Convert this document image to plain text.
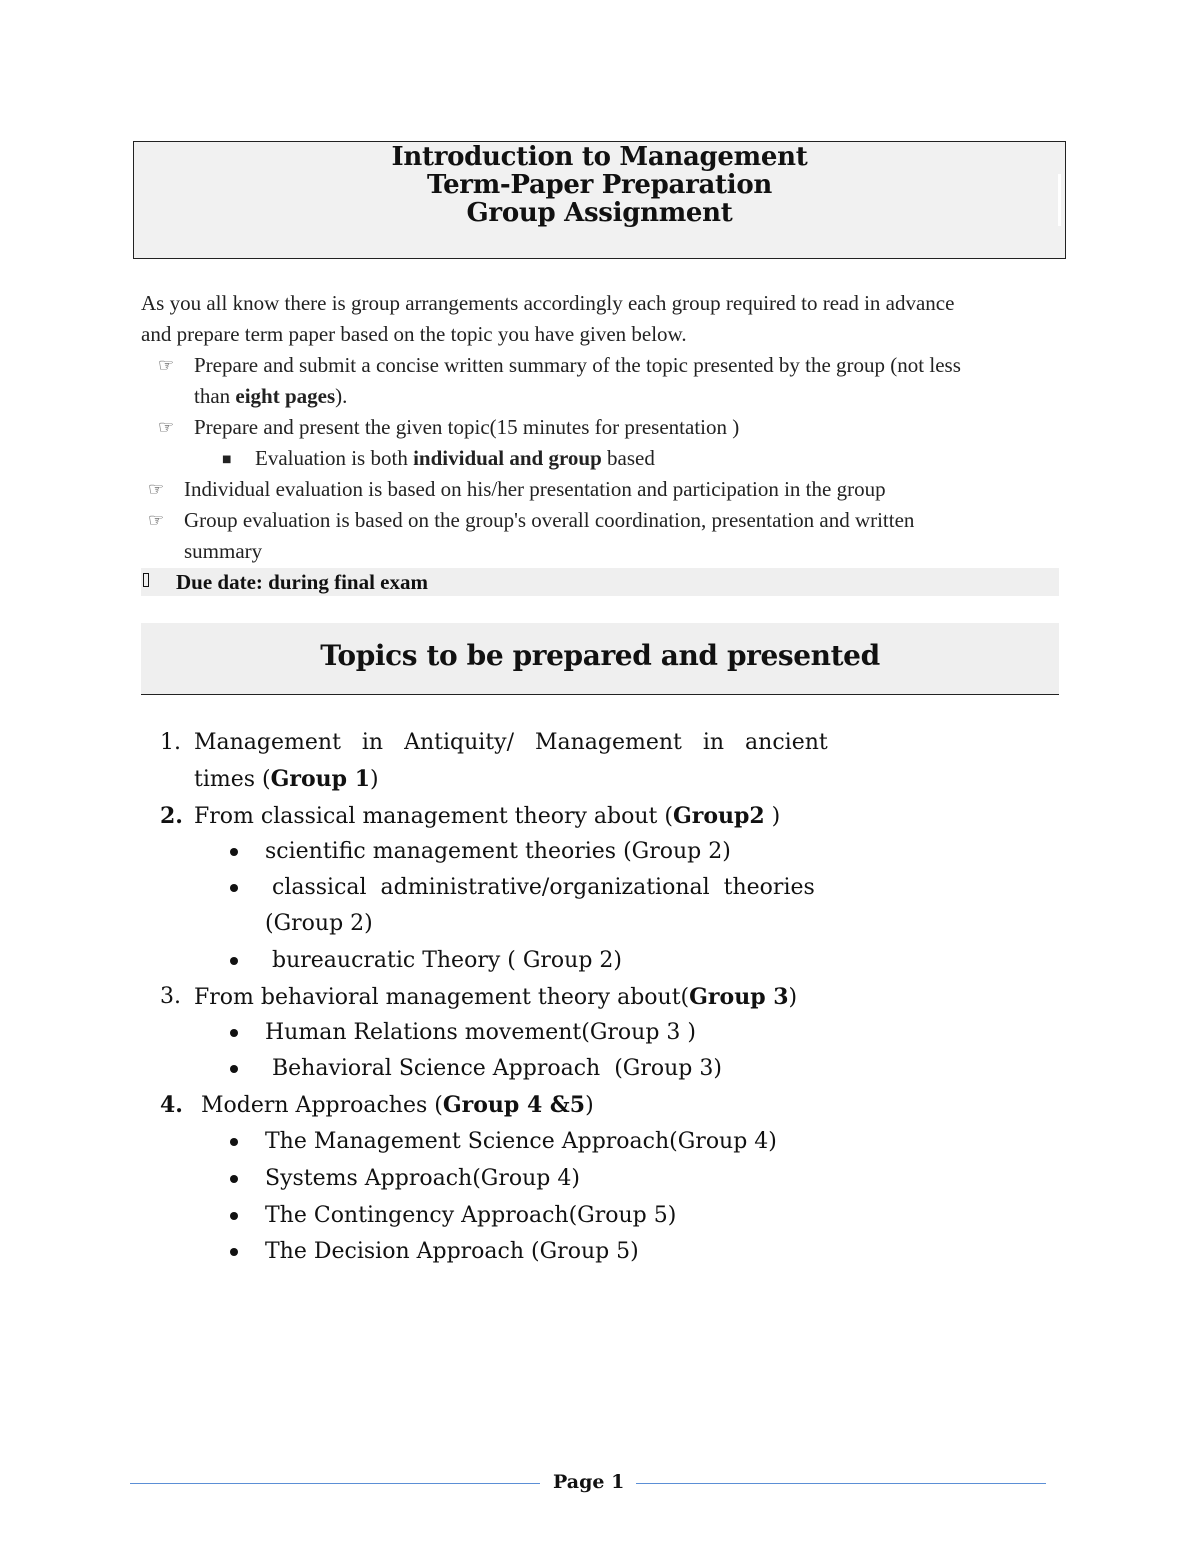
Introduction to Management
Term-Paper Preparation
Group Assignment
As you all know there is group arrangements accordingly each group required to read in advance
and prepare term paper based on the topic you have given below.
☞ Prepare and submit a concise written summary of the topic presented by the group (not less
than eight pages).
☞ Prepare and present the given topic(15 minutes for presentation )
■ Evaluation is both individual and group based
☞ Individual evaluation is based on his/her presentation and participation in the group
☞ Group evaluation is based on the group's overall coordination, presentation and written
summary
Due date: during final exam
Topics to be prepared and presented
1. Management   in   Antiquity/   Management   in   ancient
times (Group 1)
2. From classical management theory about (Group2 )
scientific management theories (Group 2)
classical  administrative/organizational  theories
(Group 2)
bureaucratic Theory ( Group 2)
3. From behavioral management theory about(Group 3)
Human Relations movement(Group 3 )
Behavioral Science Approach  (Group 3)
4. Modern Approaches (Group 4 &5)
The Management Science Approach(Group 4)
Systems Approach(Group 4)
The Contingency Approach(Group 5)
The Decision Approach (Group 5)
Page 1
